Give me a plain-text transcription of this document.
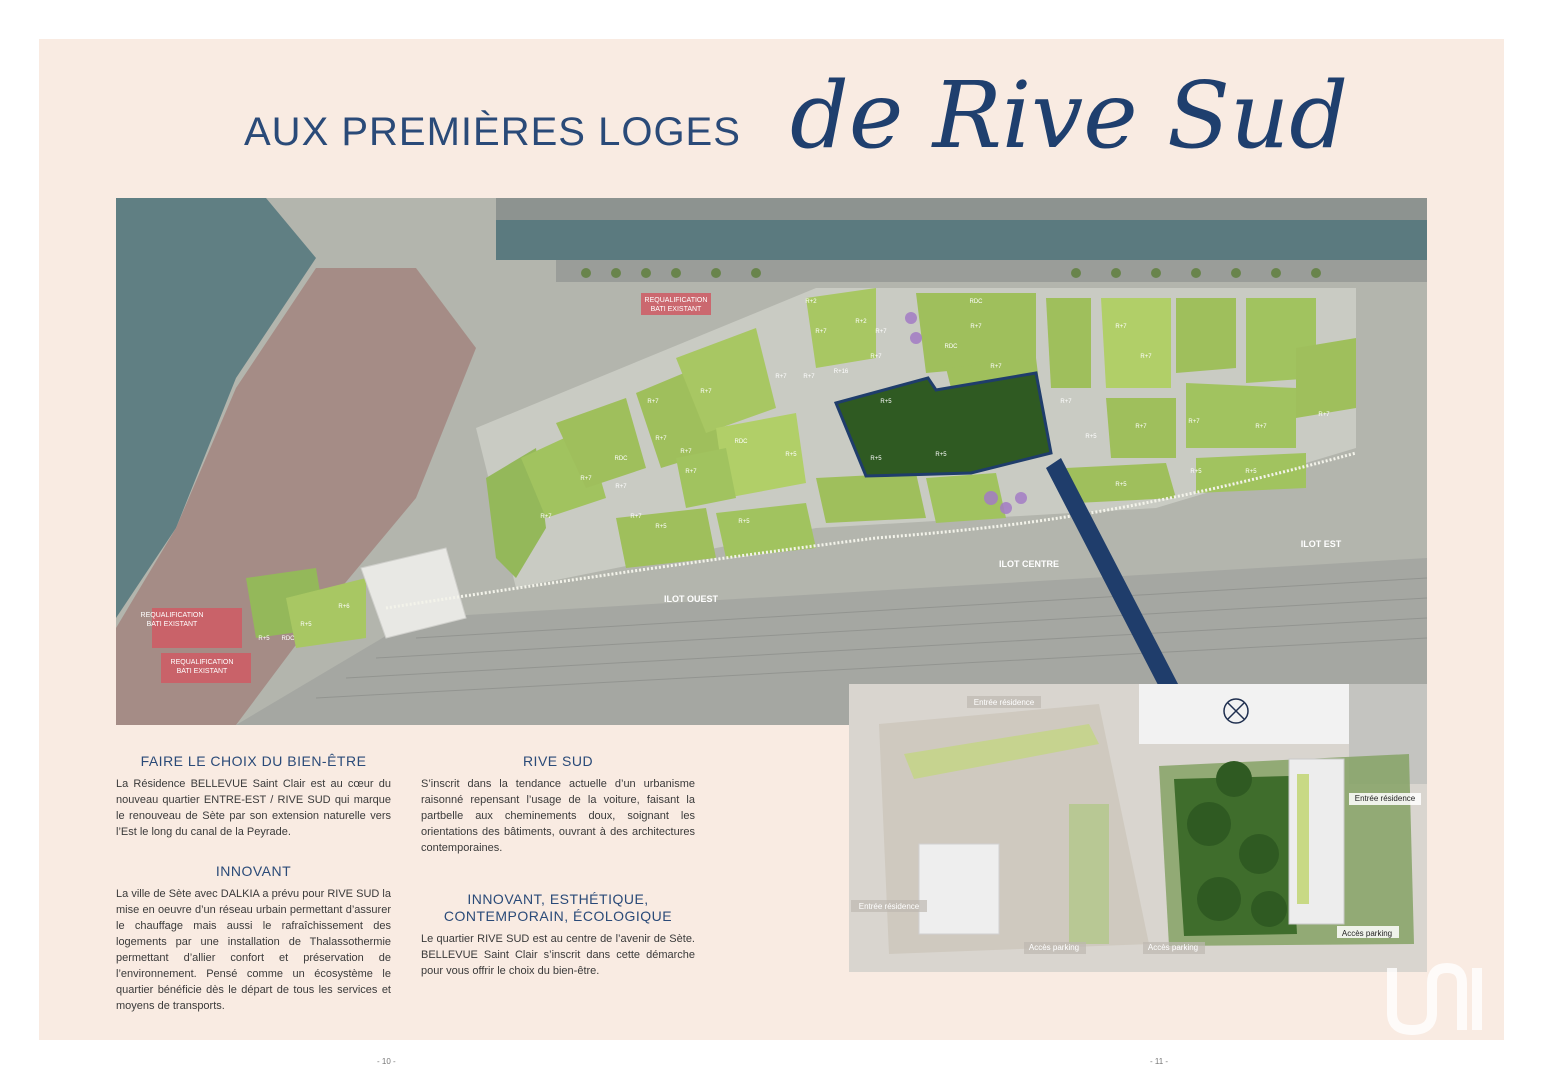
AUX PREMIÈRES LOGES de Rive Sud
REQUALIFICATION
BATI EXISTANT
REQUALIFICATION
BATI EXISTANT
REQUALIFICATION
BATI EXISTANT
ILOT OUEST
ILOT CENTRE
ILOT EST
R+2
R+2
RDC
R+7
R+7
R+16
R+7
R+7
RDC
R+7
R+7
R+7
R+5
R+5
R+5
R+7
R+7
R+7
R+7
R+7
R+7
R+7	R+7
RDC
R+7
R+7
RDC
R+5
R+7
R+5
R+5
R+5
R+5	R+5
R+7
R+7	R+7
R+7
R+5
R+5 RDC
R+5
R+6
R+7
Entrée résidence
Entrée résidence
Accès parking	Accès parking
Entrée résidence
Accès parking
FAIRE LE CHOIX DU BIEN-ÊTRE

La Résidence BELLEVUE Saint Clair est au cœur du nouveau quartier ENTRE-EST / RIVE SUD qui marque le renouveau de Sète par son extension naturelle vers l’Est le long du canal de la Peyrade.

INNOVANT

La ville de Sète avec DALKIA a prévu pour RIVE SUD la mise en oeuvre d’un réseau urbain permettant d’assurer le chauffage mais aussi le rafraîchissement des logements par une installation de Thalassothermie permettant d’allier confort et préservation de l’environnement. Pensé comme un écosystème le quartier bénéficie dès le départ de tous les services et moyens de transports.

RIVE SUD

S’inscrit dans la tendance actuelle d’un urbanisme raisonné repensant l’usage de la voiture, faisant la partbelle aux cheminements doux, soignant les orientations des bâtiments, ouvrant à des architectures contemporaines.

INNOVANT, ESTHÉTIQUE,
CONTEMPORAIN, ÉCOLOGIQUE

Le quartier RIVE SUD est au centre de l’avenir de Sète. BELLEVUE Saint Clair s’inscrit dans cette démarche pour vous offrir le choix du bien-être.

- 10 -	- 11 -
